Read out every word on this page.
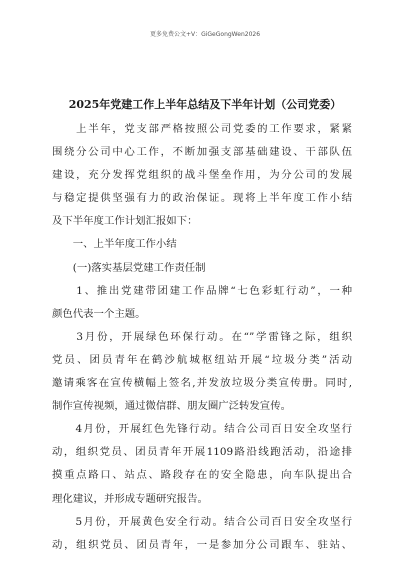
更多免费公文+V：GiGeGongWen2026
2025年党建工作上半年总结及下半年计划（公司党委）
　　上半年，党支部严格按照公司党委的工作要求，紧紧
围绕分公司中心工作，不断加强支部基础建设、干部队伍
建设，充分发挥党组织的战斗堡垒作用，为分公司的发展
与稳定提供坚强有力的政治保证。现将上半年度工作小结
及下半年度工作计划汇报如下：
　　一、上半年度工作小结
　　(一)落实基层党建工作责任制
　　1、推出党建带团建工作品牌“七色彩虹行动”，一种
颜色代表一个主题。
　　3月份，开展绿色环保行动。在“”学雷锋之际，组织
党员、团员青年在鹤沙航城枢纽站开展“垃圾分类”活动
邀请乘客在宣传横幅上签名,并发放垃圾分类宣传册。同时,
制作宣传视频，通过微信群、朋友圈广泛转发宣传。
　　4月份，开展红色先锋行动。结合公司百日安全攻坚行
动，组织党员、团员青年开展1109路沿线跑活动，沿途排
摸重点路口、站点、路段存在的安全隐患，向车队提出合
理化建议，并形成专题研究报告。
　　5月份，开展黄色安全行动。结合公司百日安全攻坚行
动，组织党员、团员青年，一是参加分公司跟车、驻站、
